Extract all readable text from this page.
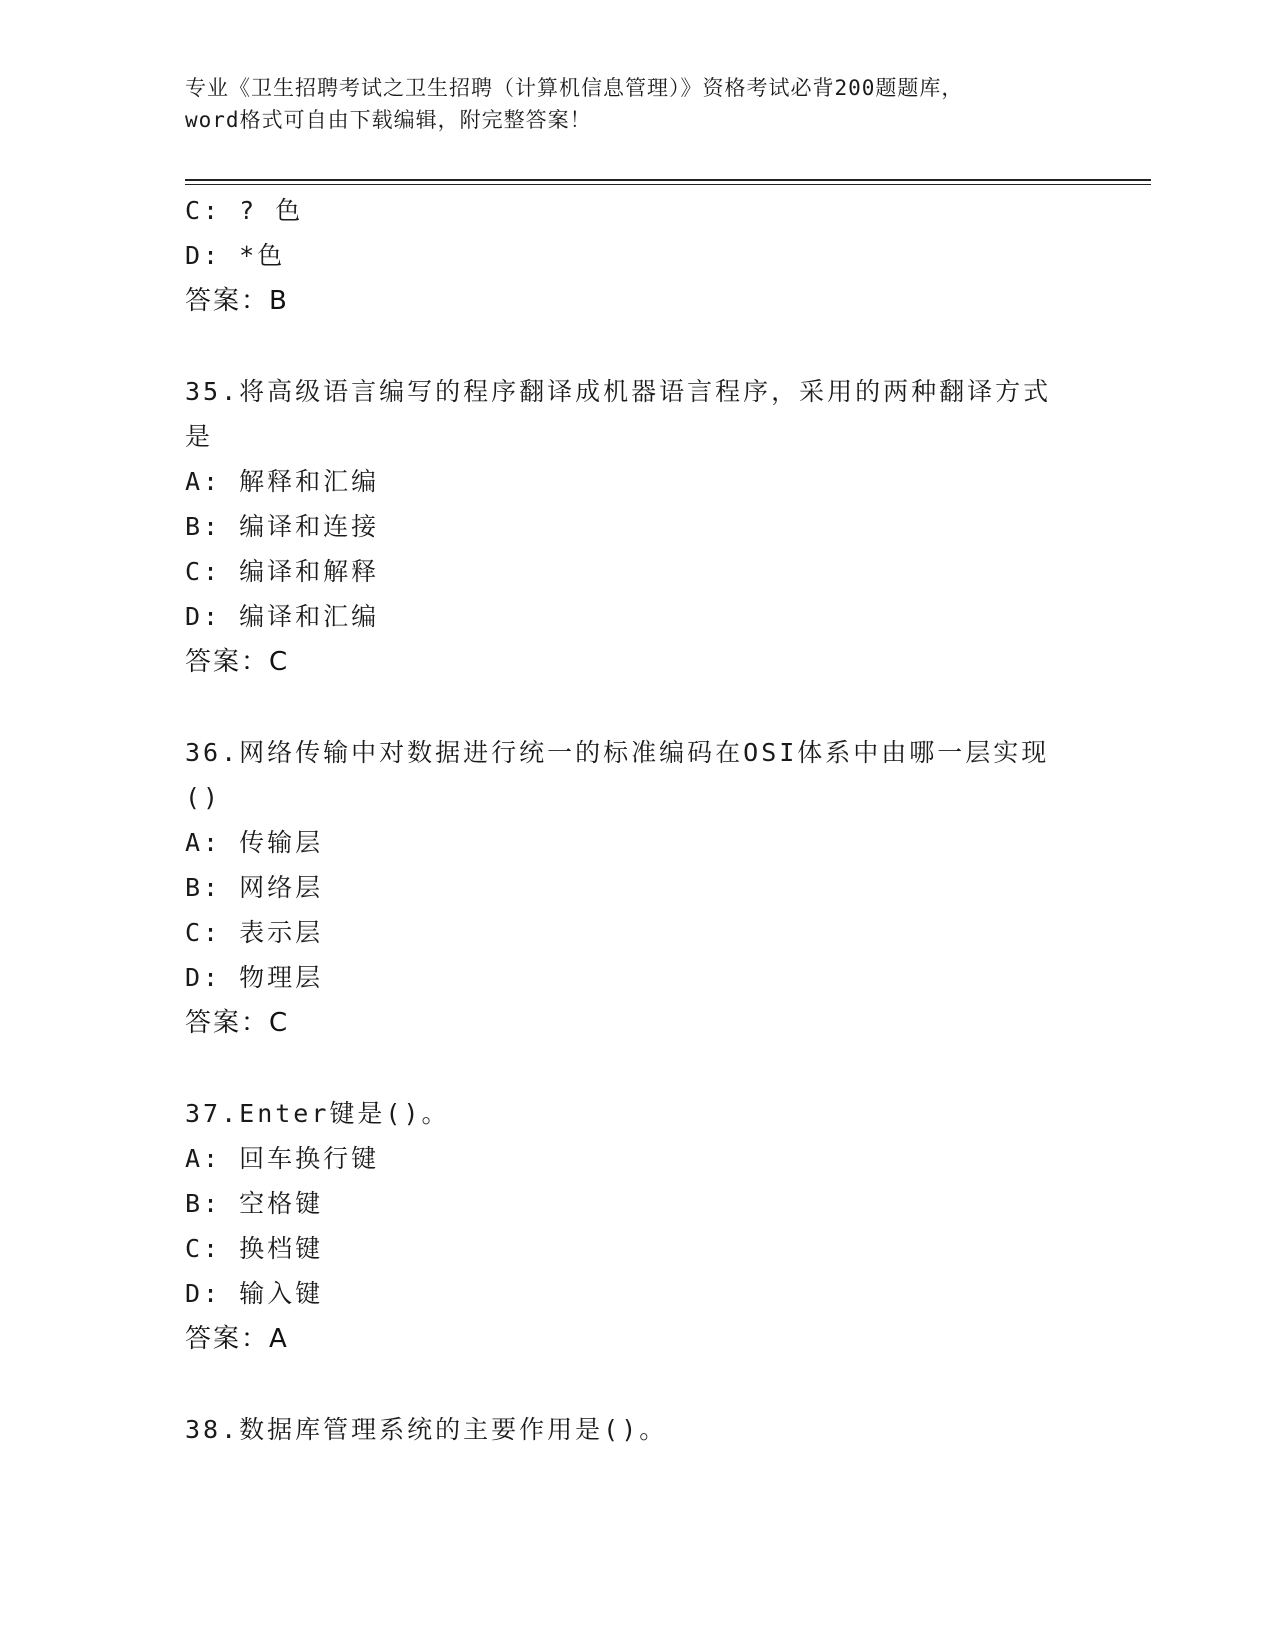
专业《卫生招聘考试之卫生招聘（计算机信息管理）》资格考试必背200题题库，
word格式可自由下载编辑，附完整答案！
C: ? 色
D: *色
答案：B
35.将高级语言编写的程序翻译成机器语言程序，采用的两种翻译方式
是
A: 解释和汇编
B: 编译和连接
C: 编译和解释
D: 编译和汇编
答案：C
36.网络传输中对数据进行统一的标准编码在OSI体系中由哪一层实现
()
A: 传输层
B: 网络层
C: 表示层
D: 物理层
答案：C
37.Enter键是()。
A: 回车换行键
B: 空格键
C: 换档键
D: 输入键
答案：A
38.数据库管理系统的主要作用是()。
